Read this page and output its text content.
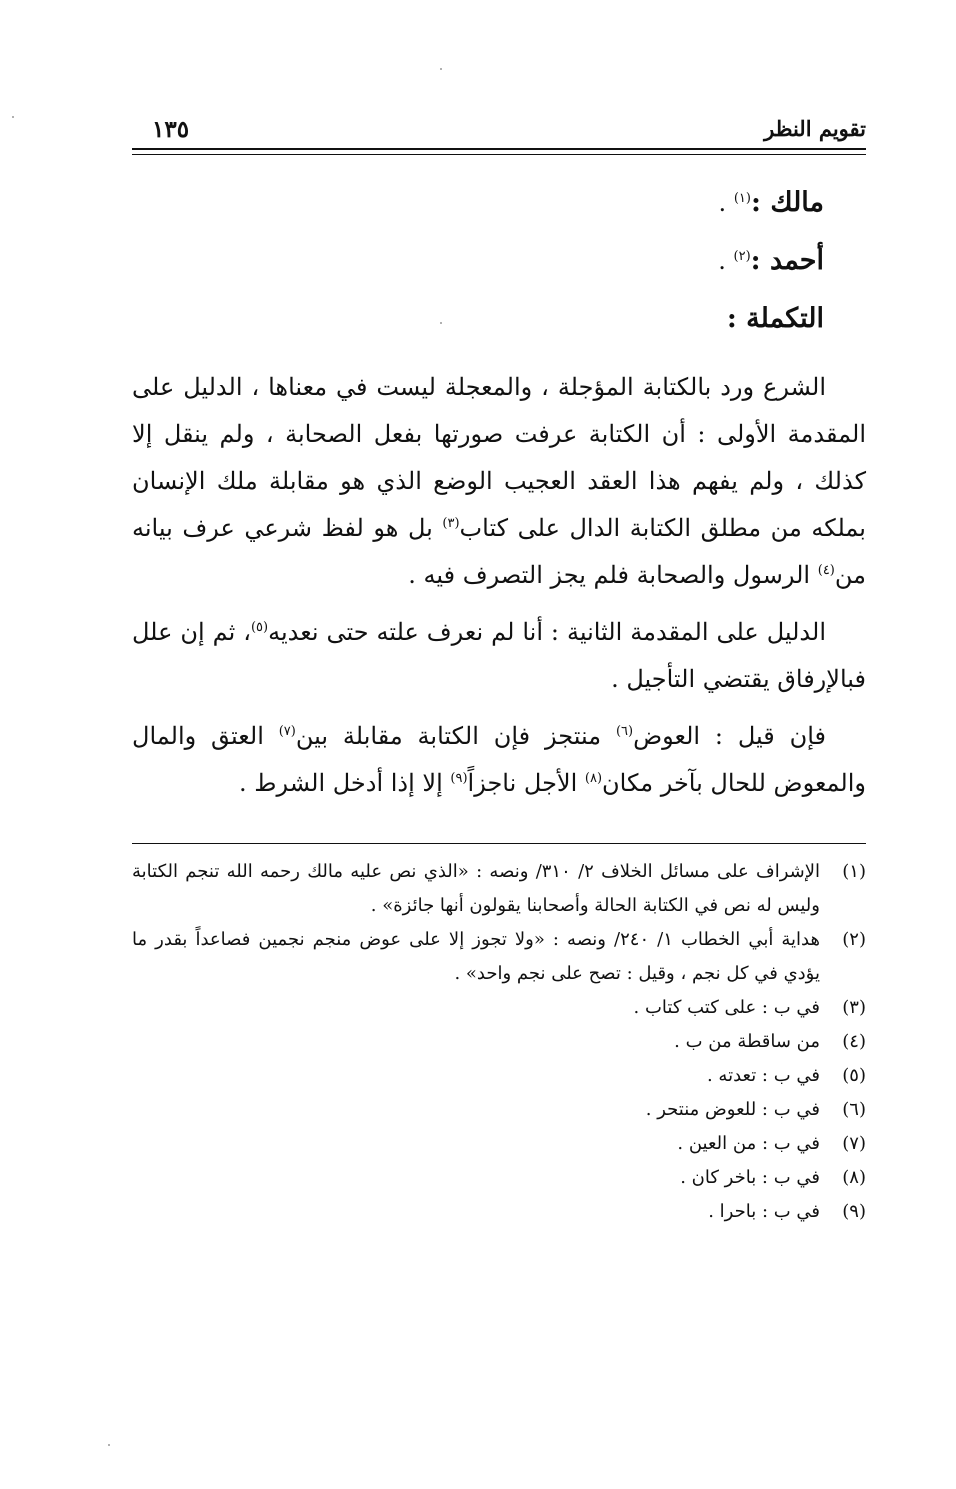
تقويم النظر
١٣٥

مالك :$^{(١)}$ .

أحمد :$^{(٢)}$ .

التكملة :

الشرع ورد بالكتابة المؤجلة ، والمعجلة ليست في معناها ، الدليل على المقدمة الأولى : أن الكتابة عرفت صورتها بفعل الصحابة ، ولم ينقل إلا كذلك ، ولم يفهم هذا العقد العجيب الوضع الذي هو مقابلة ملك الإنسان بملكه من مطلق الكتابة الدال على كتاب$^{(٣)}$ بل هو لفظ شرعي عرف بيانه من$^{(٤)}$ الرسول والصحابة فلم يجز التصرف فيه .

الدليل على المقدمة الثانية : أنا لم نعرف علته حتى نعديه$^{(٥)}$، ثم إن علل فبالإرفاق يقتضي التأجيل .

فإن قيل : العوض$^{(٦)}$ منتجز فإن الكتابة مقابلة بين$^{(٧)}$ العتق والمال والمعوض للحال بآخر مكان$^{(٨)}$ الأجل ناجزاً$^{(٩)}$ إلا إذا أدخل الشرط .

(١)
الإشراف على مسائل الخلاف ٢/ ٣١٠/ ونصه : «الذي نص عليه مالك رحمه الله تنجم الكتابة وليس له نص في الكتابة الحالة وأصحابنا يقولون أنها جائزة» .
(٢)
هداية أبي الخطاب ١/ ٢٤٠/ ونصه : «ولا تجوز إلا على عوض منجم نجمين فصاعداً بقدر ما يؤدي في كل نجم ، وقيل : تصح على نجم واحد» .
(٣)
في ب : على كتب كتاب .
(٤)
من ساقطة من ب .
(٥)
في ب : تعدته .
(٦)
في ب : للعوض منتحر .
(٧)
في ب : من العين .
(٨)
في ب : باخر كان .
(٩)
في ب : باحرا .
